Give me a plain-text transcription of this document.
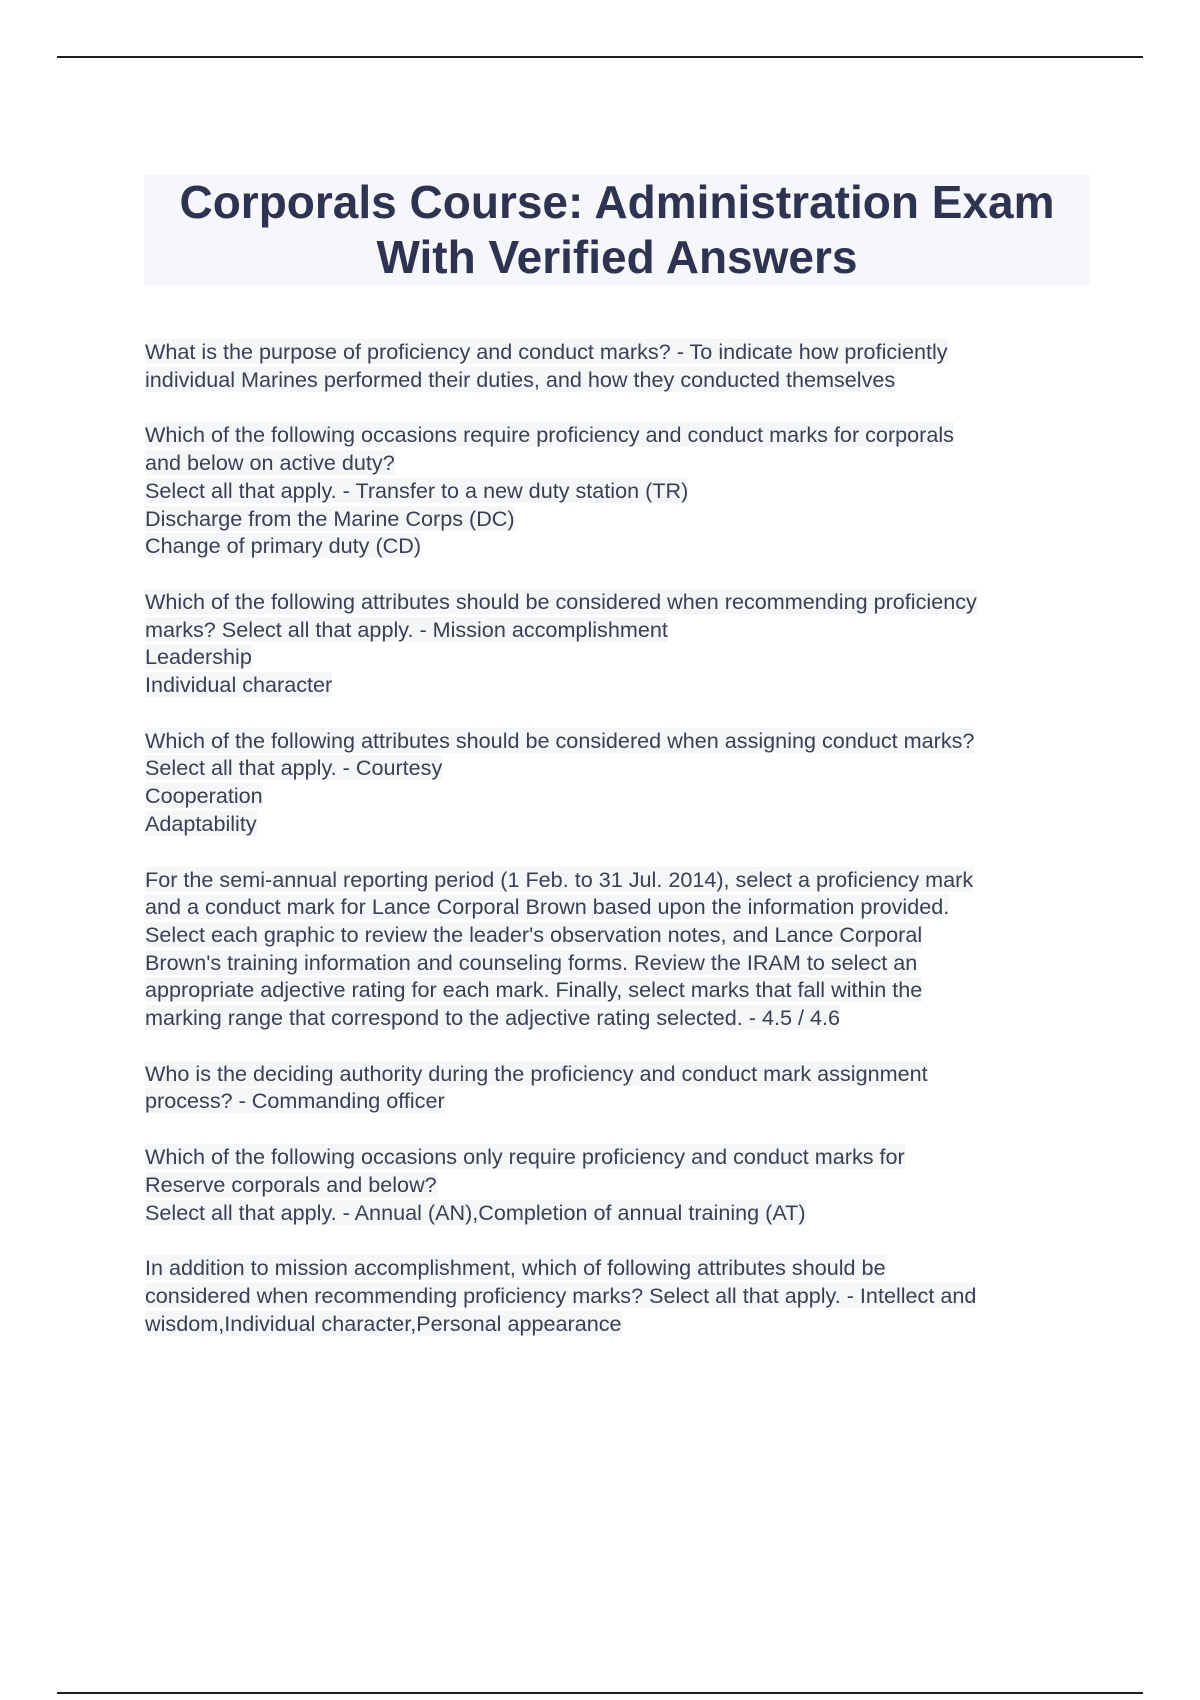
Corporals Course: Administration Exam
With Verified Answers
What is the purpose of proficiency and conduct marks? - To indicate how proficiently
individual Marines performed their duties, and how they conducted themselves
Which of the following occasions require proficiency and conduct marks for corporals
and below on active duty?
Select all that apply. - Transfer to a new duty station (TR)
Discharge from the Marine Corps (DC)
Change of primary duty (CD)
Which of the following attributes should be considered when recommending proficiency
marks? Select all that apply. - Mission accomplishment
Leadership
Individual character
Which of the following attributes should be considered when assigning conduct marks?
Select all that apply. - Courtesy
Cooperation
Adaptability
For the semi-annual reporting period (1 Feb. to 31 Jul. 2014), select a proficiency mark
and a conduct mark for Lance Corporal Brown based upon the information provided.
Select each graphic to review the leader's observation notes, and Lance Corporal
Brown's training information and counseling forms. Review the IRAM to select an
appropriate adjective rating for each mark. Finally, select marks that fall within the
marking range that correspond to the adjective rating selected. - 4.5 / 4.6
Who is the deciding authority during the proficiency and conduct mark assignment
process? - Commanding officer
Which of the following occasions only require proficiency and conduct marks for
Reserve corporals and below?
Select all that apply. - Annual (AN),Completion of annual training (AT)
In addition to mission accomplishment, which of following attributes should be
considered when recommending proficiency marks? Select all that apply. - Intellect and
wisdom,Individual character,Personal appearance
